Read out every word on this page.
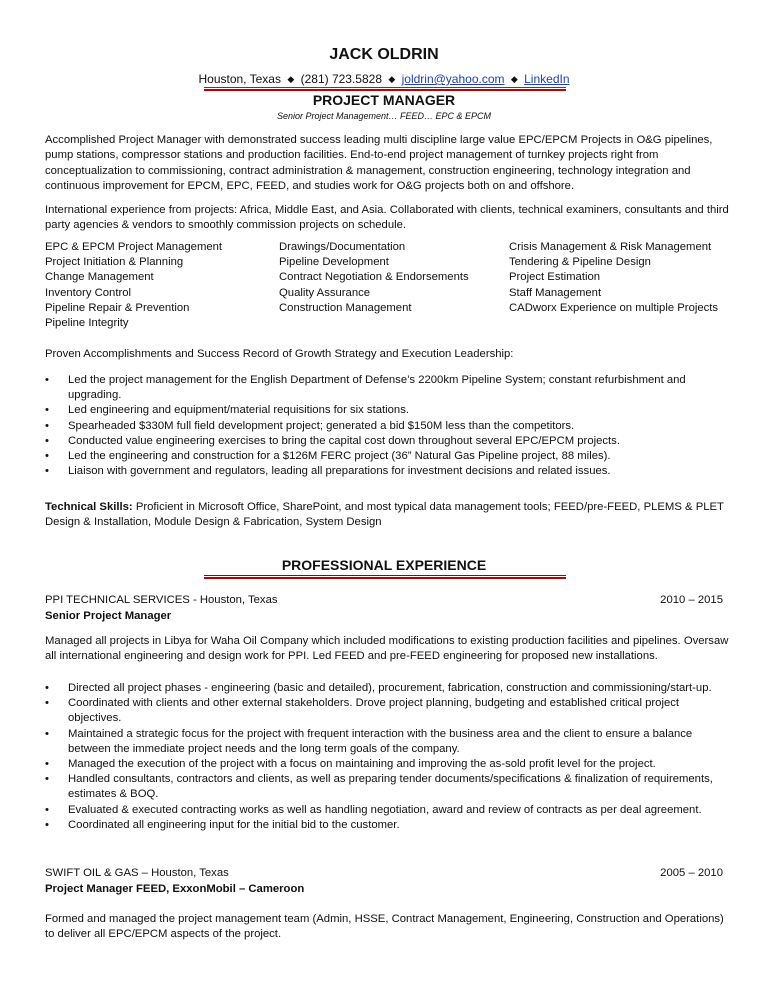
JACK OLDRIN
Houston, Texas ◆ (281) 723.5828 ◆ joldrin@yahoo.com ◆ LinkedIn
PROJECT MANAGER
Senior Project Management… FEED… EPC & EPCM
Accomplished Project Manager with demonstrated success leading multi discipline large value EPC/EPCM Projects in O&G pipelines, pump stations, compressor stations and production facilities. End-to-end project management of turnkey projects right from conceptualization to commissioning, contract administration & management, construction engineering, technology integration and continuous improvement for EPCM, EPC, FEED, and studies work for O&G projects both on and offshore.
International experience from projects: Africa, Middle East, and Asia. Collaborated with clients, technical examiners, consultants and third party agencies & vendors to smoothly commission projects on schedule.
EPC & EPCM Project Management
Project Initiation & Planning
Change Management
Inventory Control
Pipeline Repair & Prevention
Pipeline Integrity
Drawings/Documentation
Pipeline Development
Contract Negotiation & Endorsements
Quality Assurance
Construction Management
Crisis Management & Risk Management
Tendering & Pipeline Design
Project Estimation
Staff Management
CADworx Experience on multiple Projects
Proven Accomplishments and Success Record of Growth Strategy and Execution Leadership:
• Led the project management for the English Department of Defense’s 2200km Pipeline System; constant refurbishment and upgrading.
• Led engineering and equipment/material requisitions for six stations.
• Spearheaded $330M full field development project; generated a bid $150M less than the competitors.
• Conducted value engineering exercises to bring the capital cost down throughout several EPC/EPCM projects.
• Led the engineering and construction for a $126M FERC project (36” Natural Gas Pipeline project, 88 miles).
• Liaison with government and regulators, leading all preparations for investment decisions and related issues.
Technical Skills: Proficient in Microsoft Office, SharePoint, and most typical data management tools; FEED/pre-FEED, PLEMS & PLET Design & Installation, Module Design & Fabrication, System Design
PROFESSIONAL EXPERIENCE
PPI TECHNICAL SERVICES - Houston, Texas	2010 – 2015
Senior Project Manager
Managed all projects in Libya for Waha Oil Company which included modifications to existing production facilities and pipelines. Oversaw all international engineering and design work for PPI. Led FEED and pre-FEED engineering for proposed new installations.
• Directed all project phases - engineering (basic and detailed), procurement, fabrication, construction and commissioning/start-up.
• Coordinated with clients and other external stakeholders. Drove project planning, budgeting and established critical project objectives.
• Maintained a strategic focus for the project with frequent interaction with the business area and the client to ensure a balance between the immediate project needs and the long term goals of the company.
• Managed the execution of the project with a focus on maintaining and improving the as-sold profit level for the project.
• Handled consultants, contractors and clients, as well as preparing tender documents/specifications & finalization of requirements, estimates & BOQ.
• Evaluated & executed contracting works as well as handling negotiation, award and review of contracts as per deal agreement.
• Coordinated all engineering input for the initial bid to the customer.
SWIFT OIL & GAS – Houston, Texas	2005 – 2010
Project Manager FEED, ExxonMobil – Cameroon
Formed and managed the project management team (Admin, HSSE, Contract Management, Engineering, Construction and Operations) to deliver all EPC/EPCM aspects of the project.
